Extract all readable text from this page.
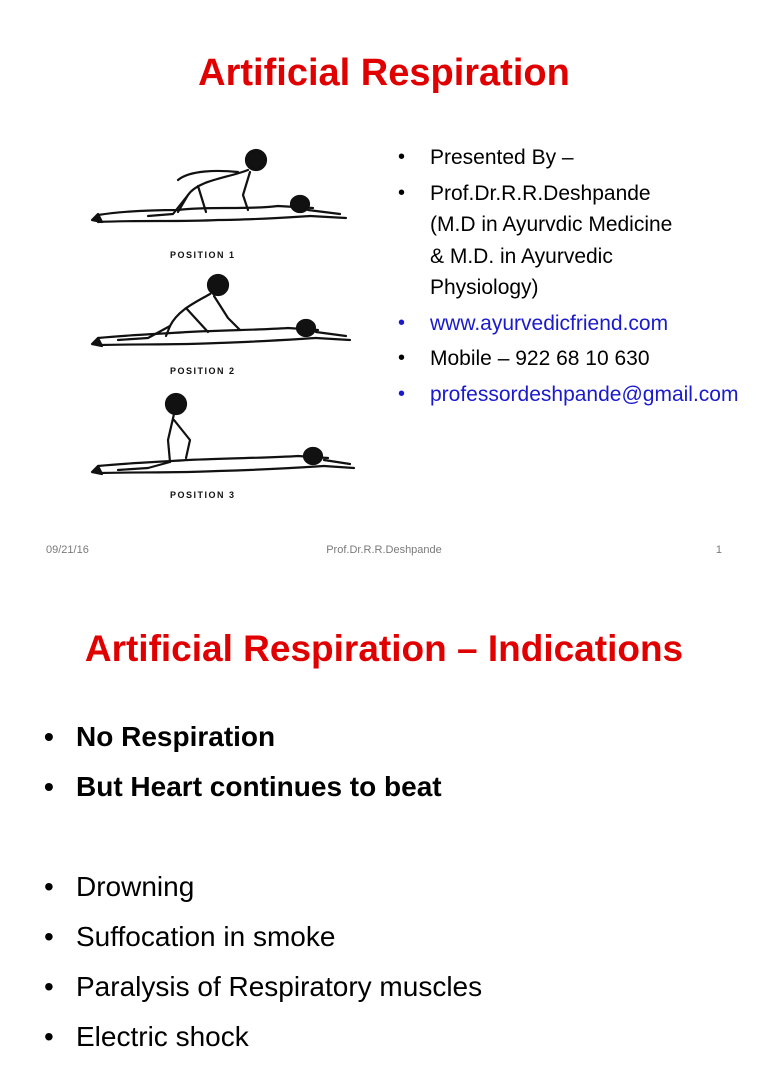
Artificial Respiration
POSITION 1
POSITION 2
POSITION 3
• Presented By –
• Prof.Dr.R.R.Deshpande
(M.D in Ayurvdic Medicine
& M.D. in Ayurvedic
Physiology)
• www.ayurvedicfriend.com
• Mobile – 922 68 10 630
• professordeshpande@gmail.com
09/21/16	Prof.Dr.R.R.Deshpande	1
Artificial Respiration – Indications
• No Respiration
• But Heart continues to beat
• Drowning
• Suffocation in smoke
• Paralysis of Respiratory muscles
• Electric shock
